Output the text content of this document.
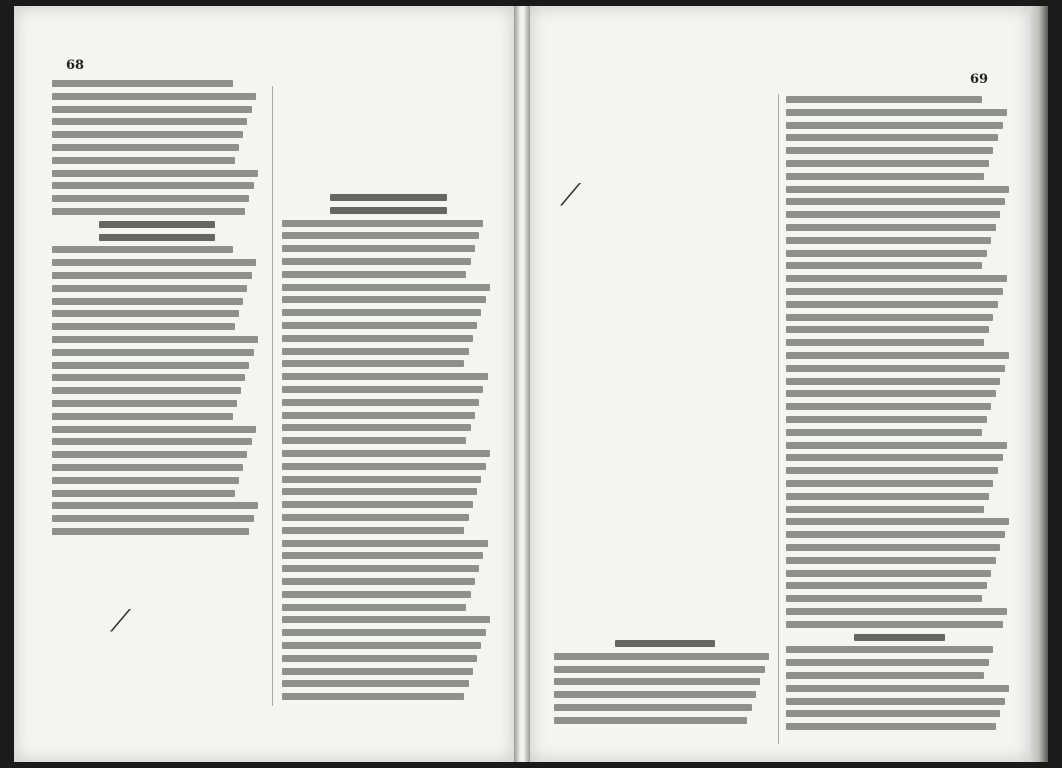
68
⟋
69
⟋
